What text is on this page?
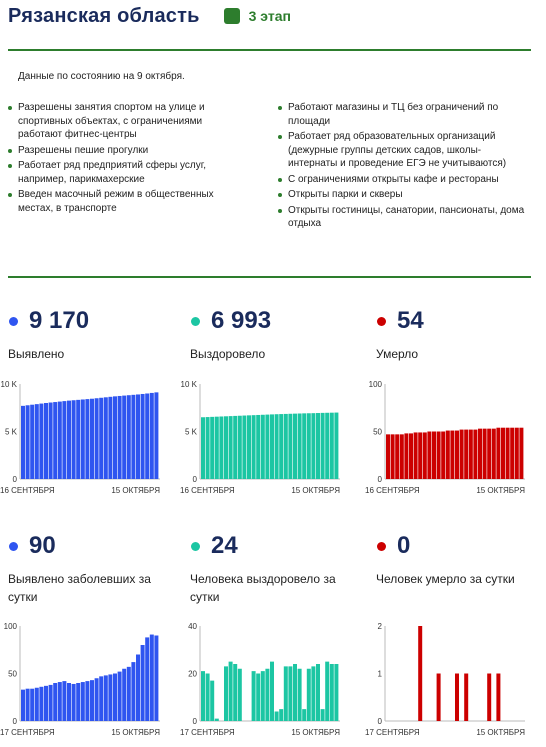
Рязанская область	3 этап
Данные по состоянию на 9 октября.
Разрешены занятия спортом на улице и спортивных объектах, с ограничениями работают фитнес-центры
Разрешены пешие прогулки
Работает ряд предприятий сферы услуг, например, парикмахерские
Введен масочный режим в общественных местах, в транспорте
Работают магазины и ТЦ без ограничений по площади
Работает ряд образовательных организаций (дежурные группы детских садов, школы-интернаты и проведение ЕГЭ не учитываются)
С ограничениями открыты кафе и рестораны
Открыты парки и скверы
Открыты гостиницы, санатории, пансионаты, дома отдыха
9 170
Выявлено
6 993
Выздоровело
54
Умерло
90
Выявлено заболевших за сутки
24
Человека выздоровело за сутки
0
Человек умерло за сутки
10 K
5 K
0
16 СЕНТЯБРЯ	15 ОКТЯБРЯ
10 K
5 K
0
16 СЕНТЯБРЯ	15 ОКТЯБРЯ
100
50
0
16 СЕНТЯБРЯ	15 ОКТЯБРЯ
100
50
0
17 СЕНТЯБРЯ	15 ОКТЯБРЯ
40
20
0
17 СЕНТЯБРЯ	15 ОКТЯБРЯ
2
1
0
17 СЕНТЯБРЯ	15 ОКТЯБРЯ
